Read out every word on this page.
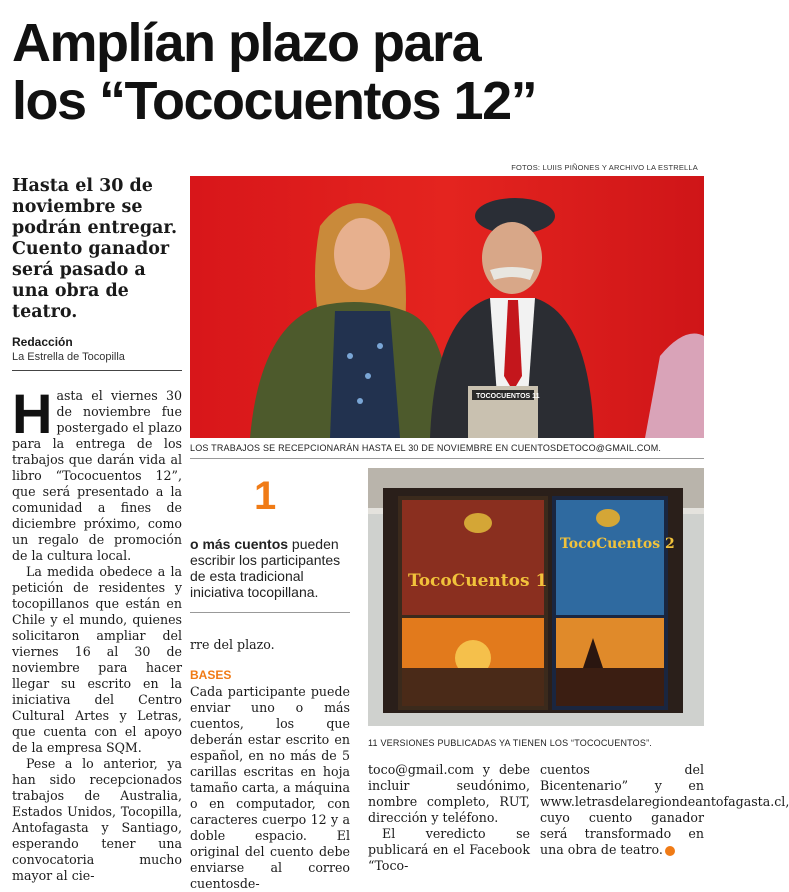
Amplían plazo para
los “Tococuentos 12”
FOTOS: LUIIS PIÑONES Y ARCHIVO LA ESTRELLA

Hasta el 30 de noviembre se podrán entregar. Cuento ganador será pasado a una obra de teatro.

Redacción
La Estrella de Tocopilla

Hasta el viernes 30 de noviembre fue postergado el plazo para la entrega de los trabajos que darán vida al libro “Tococuentos 12”, que será presentado a la comunidad a fines de diciembre próximo, como un regalo de promoción de la cultura local.

La medida obedece a la petición de residentes y tocopillanos que están en Chile y el mundo, quienes solicitaron ampliar del viernes 16 al 30 de noviembre para hacer llegar su escrito en la iniciativa del Centro Cultural Artes y Letras, que cuenta con el apoyo de la empresa SQM.

Pese a lo anterior, ya han sido recepcionados trabajos de Australia, Estados Unidos, Tocopilla, Antofagasta y Santiago, esperando tener una convocatoria mucho mayor al cie-

TOCOCUENTOS 11
LOS TRABAJOS SE RECEPCIONARÁN HASTA EL 30 DE NOVIEMBRE EN CUENTOSDETOCO@GMAIL.COM.
1
o más cuentos pueden escribir los participantes de esta tradicional iniciativa tocopillana.

rre del plazo.

BASES

Cada participante puede enviar uno o más cuentos, los que deberán estar escrito en español, en no más de 5 carillas escritas en hoja tamaño carta, a máquina o en computador, con caracteres cuerpo 12 y a doble espacio. El original del cuento debe enviarse al correo cuentosde-

TocoCuentos 1
TocoCuentos 2
11 VERSIONES PUBLICADAS YA TIENEN LOS “TOCOCUENTOS”.

toco@gmail.com y debe incluir seudónimo, nombre completo, RUT, dirección y teléfono.

El veredicto se publicará en el Facebook “Toco-

cuentos del Bicentenario” y en www.letrasdelaregiondeantofagasta.cl, cuyo cuento ganador será transformado en una obra de teatro.
